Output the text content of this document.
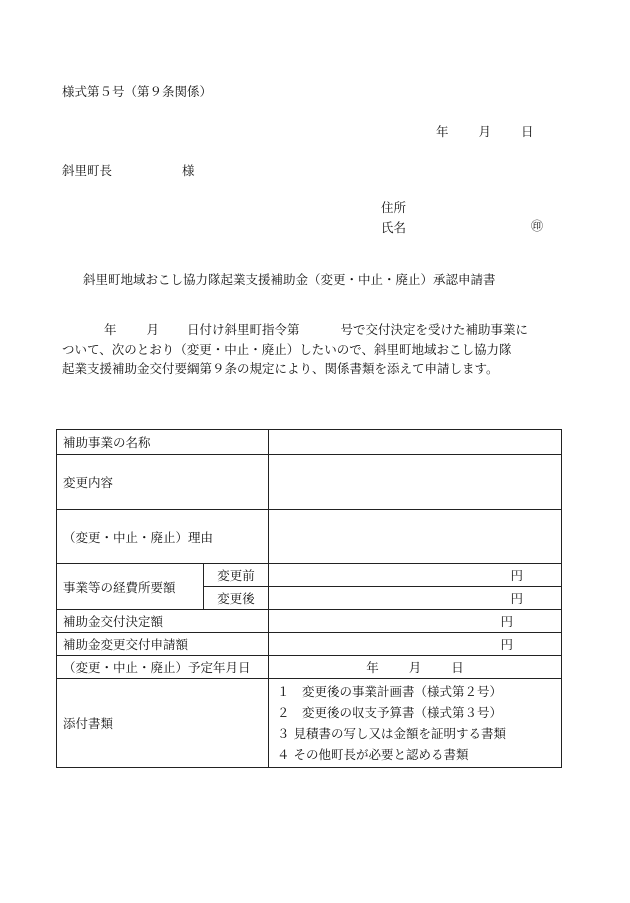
様式第５号（第９条関係）
年 月 日
斜里町長	様
住所
氏名	㊞
斜里町地域おこし協力隊起業支援補助金（変更・中止・廃止）承認申請書

年 月 日付け斜里町指令第	号で交付決定を受けた補助事業に

ついて、次のとおり（変更・中止・廃止）したいので、斜里町地域おこし協力隊

起業支援補助金交付要綱第９条の規定により、関係書類を添えて申請します。

補助事業の名称		
変更内容		
（変更・中止・廃止）理由		
事業等の経費所要額	変更前	円
	変更後	円
補助金交付決定額		円
補助金変更交付申請額		円
（変更・中止・廃止）予定年月日		年 月 日
添付書類		１　変更後の事業計画書（様式第２号）
２　変更後の収支予算書（様式第３号）
３ 見積書の写し又は金額を証明する書類
４ その他町長が必要と認める書類
